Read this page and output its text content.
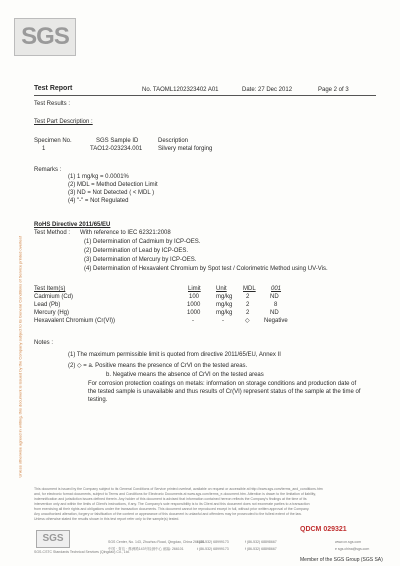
SGS
Unless otherwise agreed in writing, this document is issued by the Company subject to its General Conditions of Service printed overleaf
Test Report	No. TAOML1202323402 A01	Date: 27 Dec 2012	Page 2 of 3
Test Results :
Test Part Description :
Specimen No.	SGS Sample ID	Description
1	TAO12-023234.001	Silvery metal forging
Remarks :
(1) 1 mg/kg = 0.0001%
(2) MDL = Method Detection Limit
(3) ND = Not Detected ( < MDL )
(4) "-" = Not Regulated
RoHS Directive 2011/65/EU
Test Method : With reference to IEC 62321:2008
(1) Determination of Cadmium by ICP-OES.
(2) Determination of Lead by ICP-OES.
(3) Determination of Mercury by ICP-OES.
(4) Determination of Hexavalent Chromium by Spot test / Colorimetric Method using UV-Vis.
Test Item(s)	Limit	Unit	MDL	001
Cadmium (Cd)	100	mg/kg 2	ND
Lead (Pb)	1000	mg/kg 2	8
Mercury (Hg)	1000	mg/kg 2	ND
Hexavalent Chromium (Cr(VI))	-	-	◇ Negative
Notes :
(1) The maximum permissible limit is quoted from directive 2011/65/EU, Annex II
(2) ◇ = a. Positive means the presence of CrVI on the tested areas.
b. Negative means the absence of CrVI on the tested areas
For corrosion protection coatings on metals: information on storage conditions and production date of
the tested sample is unavailable and thus results of Cr(VI) represent status of the sample at the time of
testing.
This document is issued by the Company subject to its General Conditions of Service printed overleaf, available on request or accessible at http://www.sgs.com/terms_and_conditions.htm
and, for electronic format documents, subject to Terms and Conditions for Electronic Documents at www.sgs.com/terms_e-document.htm. Attention is drawn to the limitation of liability,
indemnification and jurisdiction issues defined therein. Any holder of this document is advised that information contained hereon reflects the Company's findings at the time of its
intervention only and within the limits of Client's instructions, if any. The Company's sole responsibility is to its Client and this document does not exonerate parties to a transaction
from exercising all their rights and obligations under the transaction documents. This document cannot be reproduced except in full, without prior written approval of the Company.
Any unauthorized alteration, forgery or falsification of the content or appearance of this document is unlawful and offenders may be prosecuted to the fullest extent of the law.
Unless otherwise stated the results shown in this test report refer only to the sample(s) tested.
SGS
QDCM 029321
SGS-CSTC Standards Technical Services (Qingdao) Co., Ltd.
SGS Center, No. 143, Zhuzhou Road, Qingdao, China 266101
中国 · 青岛 · 株洲路143号检测中心 邮编: 266101
t (86-532) 68999173
t (86-532) 68999173
f (86-532) 68898667
f (86-532) 68898667
www.cn.sgs.com
e sgs.china@sgs.com
Member of the SGS Group (SGS SA)
